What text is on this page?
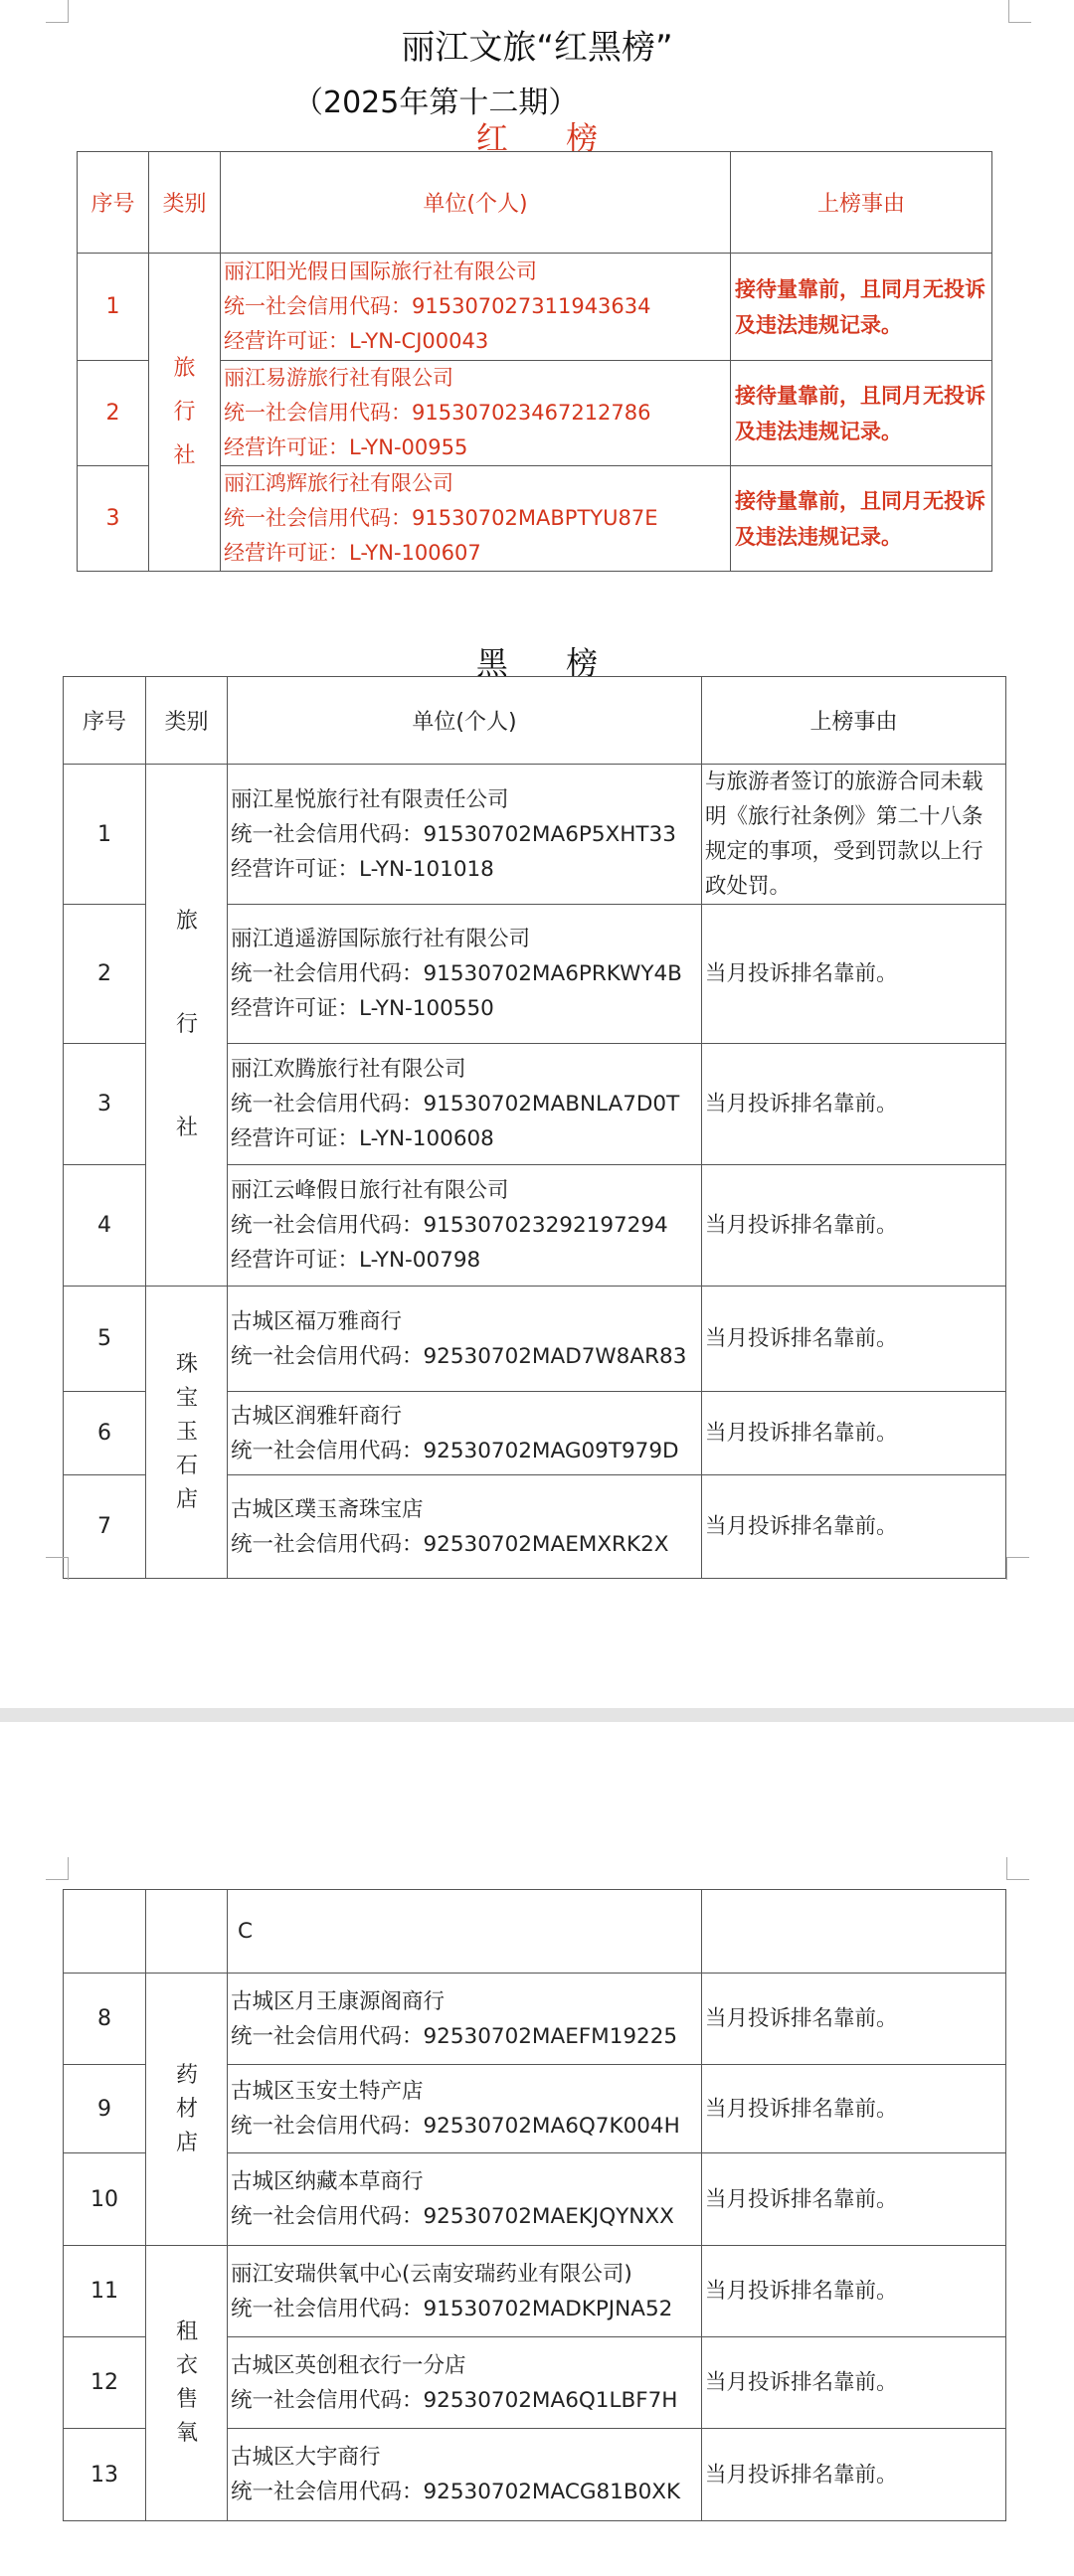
丽江文旅“红黑榜”
（2025年第十二期）
红 榜
序号	类别	单位(个人)	上榜事由
1	旅行社	丽江阳光假日国际旅行社有限公司
统一社会信用代码：915307027311943634
经营许可证：L-YN-CJ00043	接待量靠前，且同月无投诉及违法违规记录。
2		丽江易游旅行社有限公司
统一社会信用代码：915307023467212786
经营许可证：L-YN-00955	接待量靠前，且同月无投诉及违法违规记录。
3		丽江鸿辉旅行社有限公司
统一社会信用代码：91530702MABPTYU87E
经营许可证：L-YN-100607	接待量靠前，且同月无投诉及违法违规记录。
黑 榜
序号	类别	单位(个人)	上榜事由
1	旅行社	丽江星悦旅行社有限责任公司
统一社会信用代码：91530702MA6P5XHT33
经营许可证：L-YN-101018	与旅游者签订的旅游合同未载明《旅行社条例》第二十八条规定的事项，受到罚款以上行政处罚。
2		丽江逍遥游国际旅行社有限公司
统一社会信用代码：91530702MA6PRKWY4B
经营许可证：L-YN-100550	当月投诉排名靠前。
3		丽江欢腾旅行社有限公司
统一社会信用代码：91530702MABNLA7D0T
经营许可证：L-YN-100608	当月投诉排名靠前。
4		丽江云峰假日旅行社有限公司
统一社会信用代码：915307023292197294
经营许可证：L-YN-00798	当月投诉排名靠前。
5	珠宝玉石店	古城区福万雅商行
统一社会信用代码：92530702MAD7W8AR83	当月投诉排名靠前。
6		古城区润雅轩商行
统一社会信用代码：92530702MAG09T979D	当月投诉排名靠前。
7		古城区璞玉斋珠宝店
统一社会信用代码：92530702MAEMXRK2X	当月投诉排名靠前。
		C	
8	药材店	古城区月王康源阁商行
统一社会信用代码：92530702MAEFM19225	当月投诉排名靠前。
9		古城区玉安土特产店
统一社会信用代码：92530702MA6Q7K004H	当月投诉排名靠前。
10		古城区纳藏本草商行
统一社会信用代码：92530702MAEKJQYNXX	当月投诉排名靠前。
11	租衣售氧	丽江安瑞供氧中心(云南安瑞药业有限公司)
统一社会信用代码：91530702MADKPJNA52	当月投诉排名靠前。
12		古城区英创租衣行一分店
统一社会信用代码：92530702MA6Q1LBF7H	当月投诉排名靠前。
13		古城区大宇商行
统一社会信用代码：92530702MACG81B0XK	当月投诉排名靠前。
